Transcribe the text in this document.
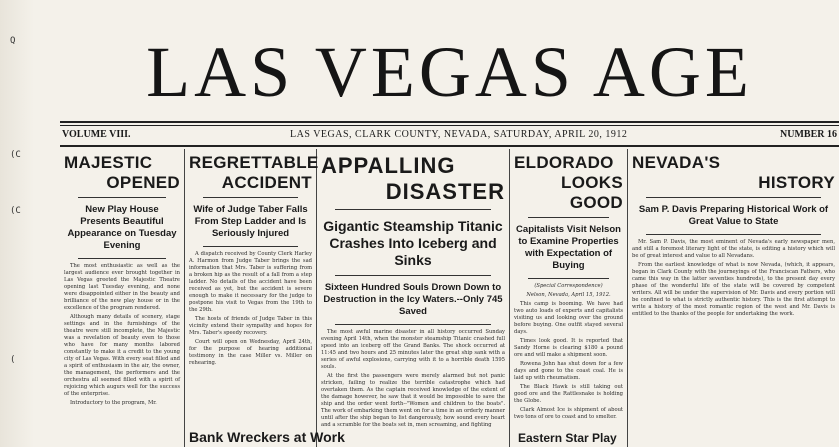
Q
(C
(C
(
LAS VEGAS AGE
VOLUME VIII.	LAS VEGAS, CLARK COUNTY, NEVADA, SATURDAY, APRIL 20, 1912	NUMBER 16
MAJESTIC
OPENED
New Play House Presents Beautiful Appearance on Tuesday Evening

The most enthusiastic as well as the largest audience ever brought together in Las Vegas greeted the Majestic Theatre opening last Tuesday evening, and none were disappointed either in the beauty and brilliance of the new play house or in the excellence of the program rendered.

Although many details of scenery, stage settings and in the furnishings of the theatre were still incomplete, the Majestic was a revelation of beauty even to those who have for many months labored constantly to make it a credit to the young city of Las Vegas. With every seat filled and a spirit of enthusiasm in the air, the owner, the management, the performers and the orchestra all seemed filled with a spirit of rejoicing which augurs well for the success of the enterprise.

Introductory to the program, Mr.

REGRETTABLE
ACCIDENT
Wife of Judge Taber Falls From Step Ladder and Is Seriously Injured

A dispatch received by County Clerk Harley A. Harmon from Judge Taber brings the sad information that Mrs. Taber is suffering from a broken hip as the result of a fall from a step ladder. No details of the accident have been received as yet, but the accident is severe enough to make it necessary for the judge to postpone his visit to Vegas from the 19th to the 29th.

The hosts of friends of Judge Taber in this vicinity extend their sympathy and hopes for Mrs. Taber's speedy recovery.

Court will open on Wednesday, April 24th, for the purpose of hearing additional testimony in the case Miller vs. Miller on rehearing.

Bank Wreckers at Work
APPALLING
DISASTER
Gigantic Steamship Titanic Crashes Into Iceberg and Sinks
Sixteen Hundred Souls Drown Down to Destruction in the Icy Waters.--Only 745 Saved

The most awful marine disaster in all history occurred Sunday evening April 14th, when the monster steamship Titanic crashed full speed into an iceberg off the Grand Banks. The shock occurred at 11:45 and two hours and 25 minutes later the great ship sank with a series of awful explosions, carrying with it to a horrible death 1595 souls.

At the first the passengers were merely alarmed but not panic stricken, failing to realize the terrible catastrophe which had overtaken them. As the captain received knowledge of the extent of the damage however, he saw that it would be impossible to save the ship and the order went forth--"Women and children to the boats". The work of embarking them went on for a time in an orderly manner until after the ship began to list dangerously, how sound every heart and a scramble for the boats set in, men screaming, and fighting

ELDORADO
LOOKS GOOD
Capitalists Visit Nelson to Examine Properties with Expectation of Buying

(Special Correspondence)

Nelson, Nevada, April 15, 1912.

This camp is booming. We have had two auto loads of experts and capitalists visiting us and looking over the ground before buying. One outfit stayed several days.

Times look good. It is reported that Sandy Horne is clearing $180 a pound ore and will make a shipment soon.

Rowena John has shut down for a few days and gone to the coast coal. He is laid up with rheumatism.

The Black Hawk is still taking out good ore and the Rattlesnake is holding the Globe.

Clark Almost Ice is shipment of about two tons of ore to coast and to smelter.

Eastern Star Play
NEVADA'S
HISTORY
Sam P. Davis Preparing Historical Work of Great Value to State

Mr. Sam P. Davis, the most eminent of Nevada's early newspaper men, and still a foremost literary light of the state, is editing a history which will be of great interest and value to all Nevadans.

From the earliest knowledge of what is now Nevada, (which, it appears, began in Clark County with the journeyings of the Franciscan Fathers, who came this way in the latter seventies hundreds), to the present day every phase of the wonderful life of the state will be covered by competent writers. All will be under the supervision of Mr. Davis and every portion will be confined to what is strictly authentic history. This is the first attempt to write a history of the most romantic region of the west and Mr. Davis is entitled to the thanks of the people for undertaking the work.
